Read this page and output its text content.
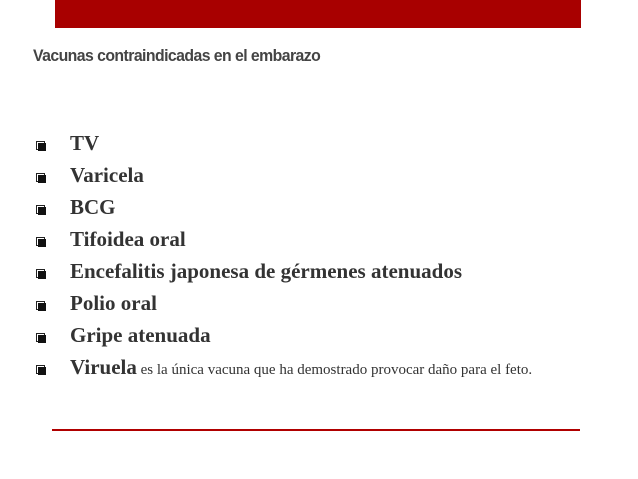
Vacunas contraindicadas en el embarazo
TV
Varicela
BCG
Tifoidea oral
Encefalitis japonesa de gérmenes atenuados
Polio oral
Gripe atenuada
Viruela es la única vacuna que ha demostrado provocar daño para el feto.
